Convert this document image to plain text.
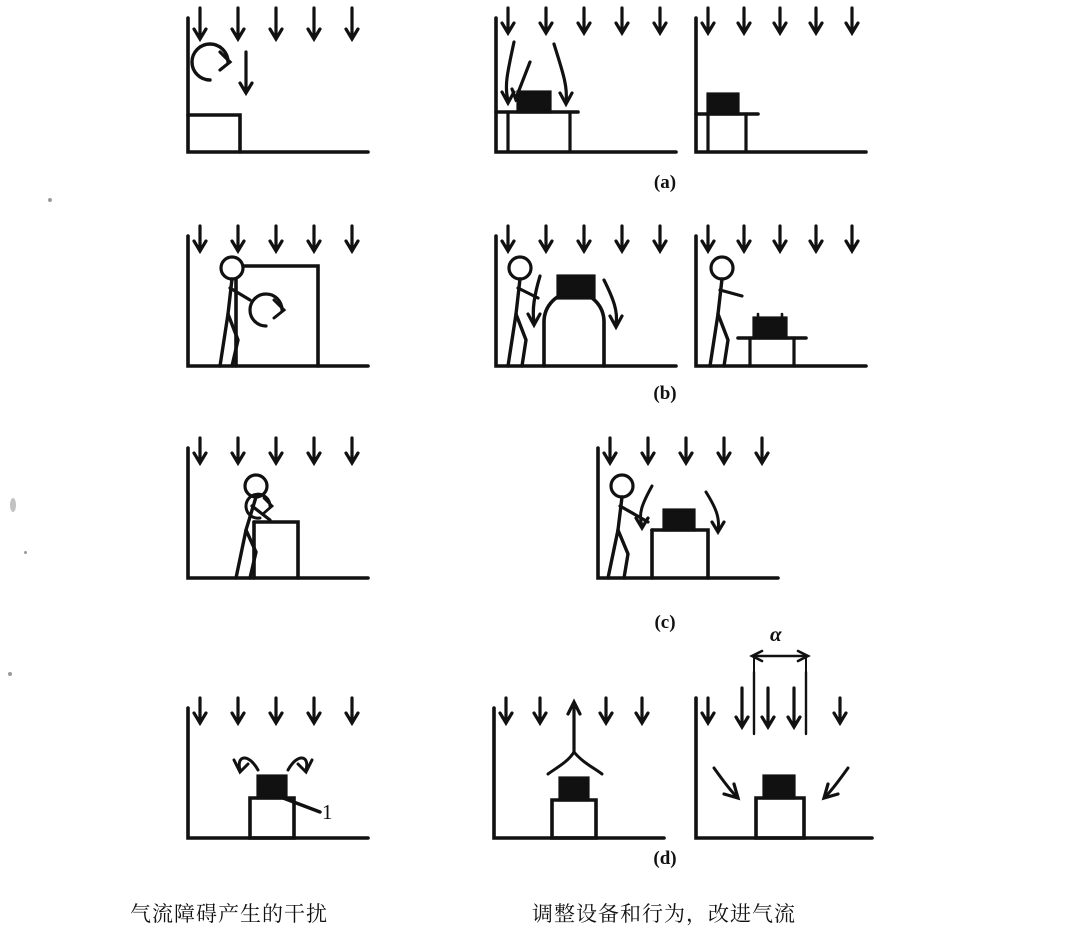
(a)
(b)
(c)
1
α
(d)
气流障碍产生的干扰	调整设备和行为，改进气流
